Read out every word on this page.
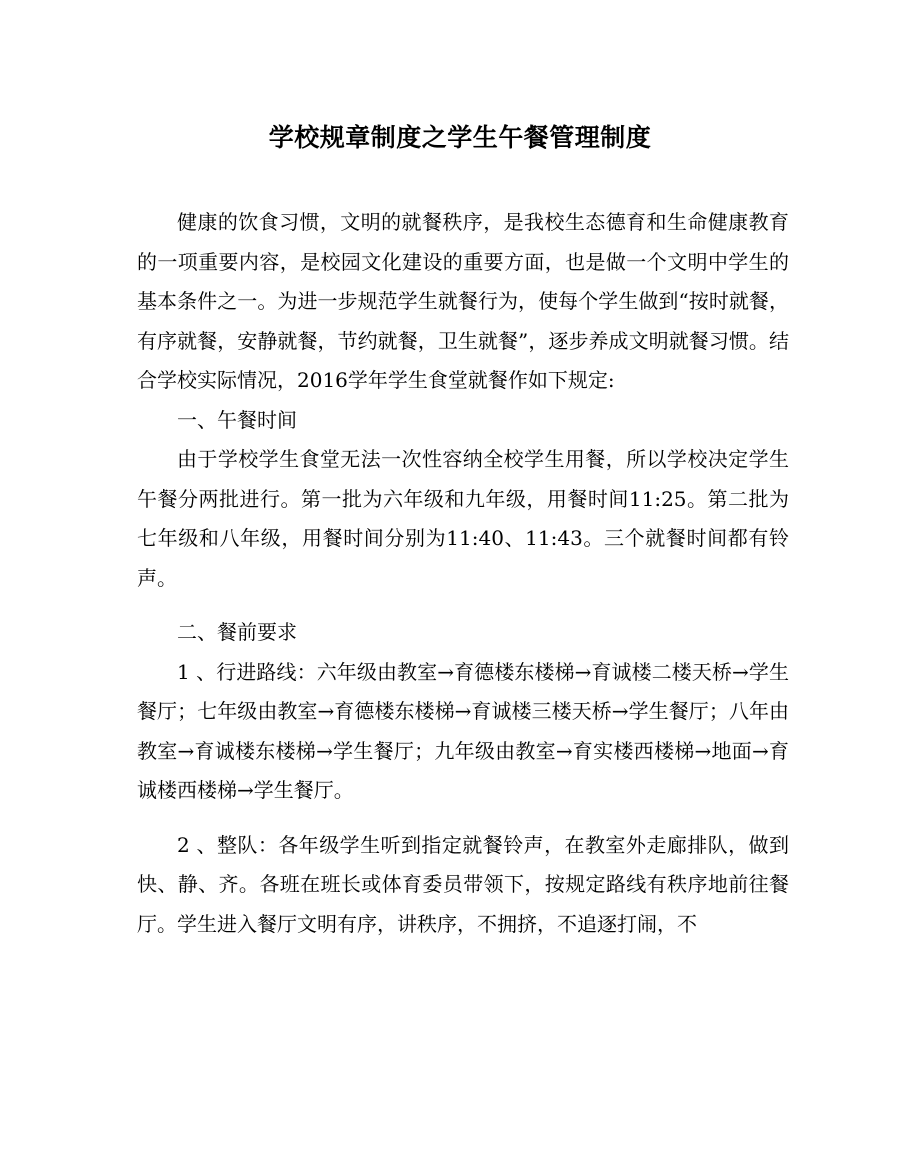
学校规章制度之学生午餐管理制度

健康的饮食习惯，文明的就餐秩序，是我校生态德育和生命健康教育的一项重要内容，是校园文化建设的重要方面，也是做一个文明中学生的基本条件之一。为进一步规范学生就餐行为，使每个学生做到“按时就餐，有序就餐，安静就餐，节约就餐，卫生就餐”，逐步养成文明就餐习惯。结合学校实际情况，2016学年学生食堂就餐作如下规定:

一、午餐时间

由于学校学生食堂无法一次性容纳全校学生用餐，所以学校决定学生午餐分两批进行。第一批为六年级和九年级，用餐时间11:25。第二批为七年级和八年级，用餐时间分别为11:40、11:43。三个就餐时间都有铃声。

二、餐前要求

1 、行进路线：六年级由教室→育德楼东楼梯→育诚楼二楼天桥→学生餐厅；七年级由教室→育德楼东楼梯→育诚楼三楼天桥→学生餐厅；八年由教室→育诚楼东楼梯→学生餐厅；九年级由教室→育实楼西楼梯→地面→育诚楼西楼梯→学生餐厅。

2 、整队：各年级学生听到指定就餐铃声，在教室外走廊排队，做到快、静、齐。各班在班长或体育委员带领下，按规定路线有秩序地前往餐厅。学生进入餐厅文明有序，讲秩序，不拥挤，不追逐打闹，不
